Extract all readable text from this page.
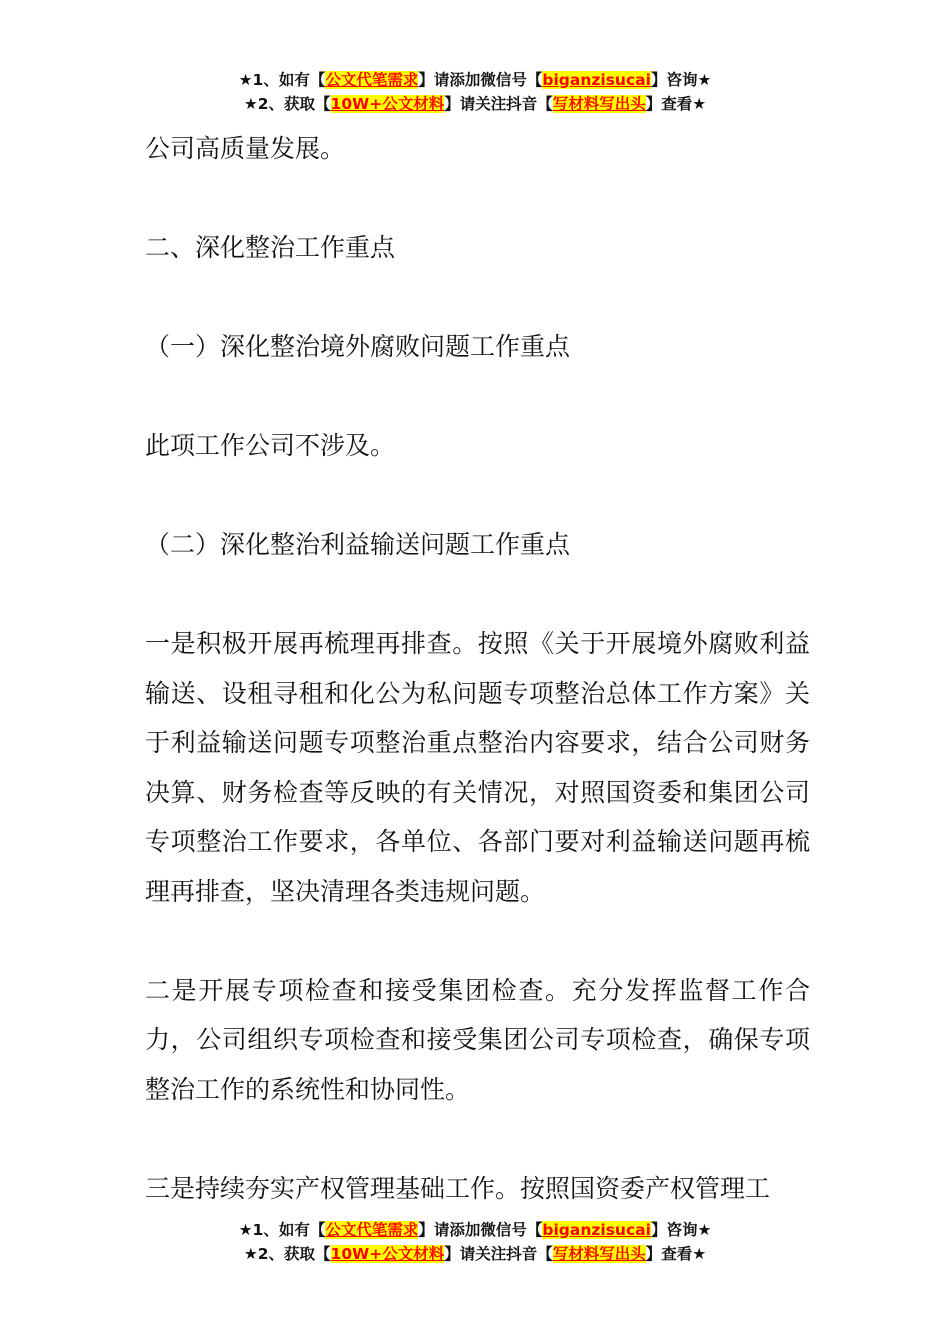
★1、如有【公文代笔需求】请添加微信号【biganzisucai】咨询★
★2、获取【10W+公文材料】请关注抖音【写材料写出头】查看★

公司高质量发展。

二、深化整治工作重点

（一）深化整治境外腐败问题工作重点

此项工作公司不涉及。

（二）深化整治利益输送问题工作重点

一是积极开展再梳理再排查。按照《关于开展境外腐败利益输送、设租寻租和化公为私问题专项整治总体工作方案》关于利益输送问题专项整治重点整治内容要求，结合公司财务决算、财务检查等反映的有关情况，对照国资委和集团公司专项整治工作要求，各单位、各部门要对利益输送问题再梳理再排查，坚决清理各类违规问题。

二是开展专项检查和接受集团检查。充分发挥监督工作合力，公司组织专项检查和接受集团公司专项检查，确保专项整治工作的系统性和协同性。

三是持续夯实产权管理基础工作。按照国资委产权管理工

★1、如有【公文代笔需求】请添加微信号【biganzisucai】咨询★
★2、获取【10W+公文材料】请关注抖音【写材料写出头】查看★
